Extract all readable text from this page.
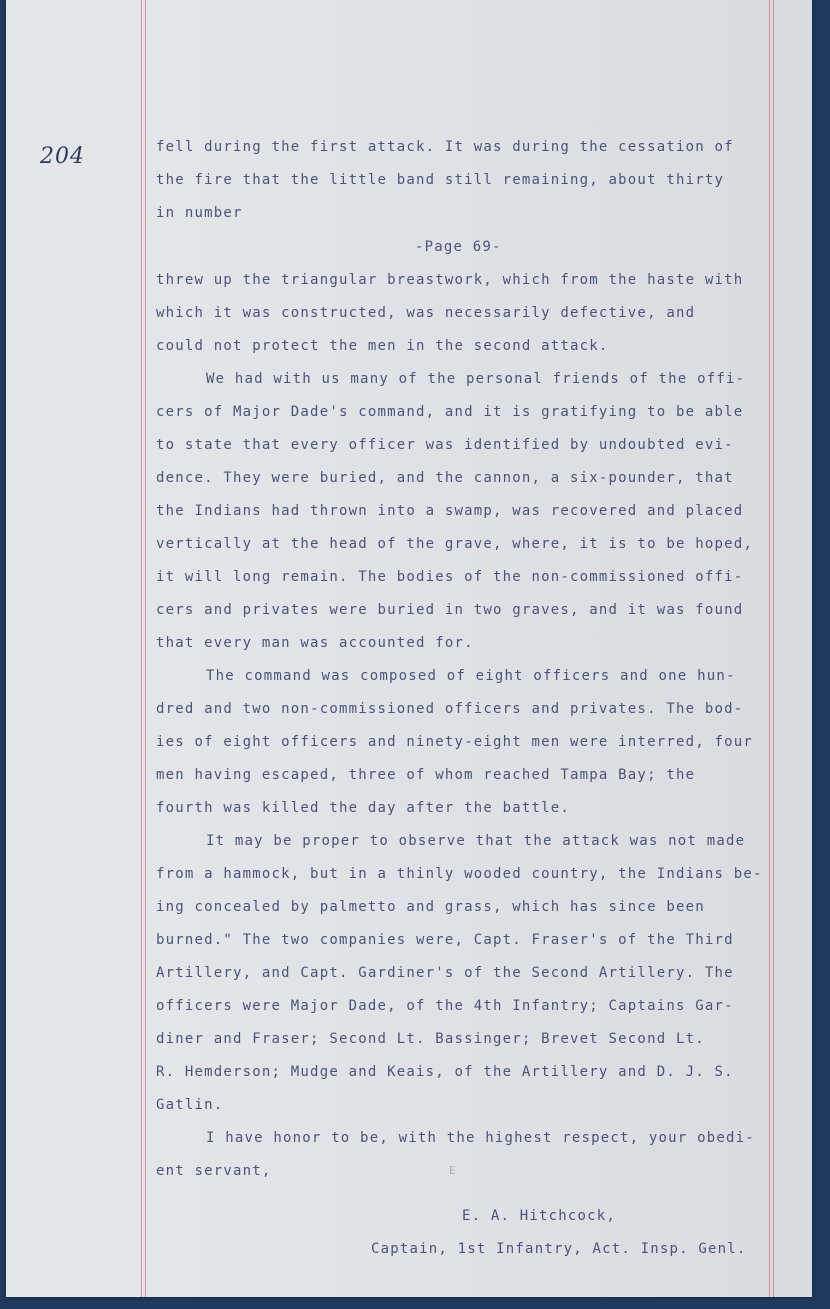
204	fell during the first attack. It was during the cessation of
the fire that the little band still remaining, about thirty
in number
-Page 69-
threw up the triangular breastwork, which from the haste with
which it was constructed, was necessarily defective, and
could not protect the men in the second attack.
We had with us many of the personal friends of the offi-
cers of Major Dade's command, and it is gratifying to be able
to state that every officer was identified by undoubted evi-
dence. They were buried, and the cannon, a six-pounder, that
the Indians had thrown into a swamp, was recovered and placed
vertically at the head of the grave, where, it is to be hoped,
it will long remain. The bodies of the non-commissioned offi-
cers and privates were buried in two graves, and it was found
that every man was accounted for.
The command was composed of eight officers and one hun-
dred and two non-commissioned officers and privates. The bod-
ies of eight officers and ninety-eight men were interred, four
men having escaped, three of whom reached Tampa Bay; the
fourth was killed the day after the battle.
It may be proper to observe that the attack was not made
from a hammock, but in a thinly wooded country, the Indians be-
ing concealed by palmetto and grass, which has since been
burned." The two companies were, Capt. Fraser's of the Third
Artillery, and Capt. Gardiner's of the Second Artillery. The
officers were Major Dade, of the 4th Infantry; Captains Gar-
diner and Fraser; Second Lt. Bassinger; Brevet Second Lt.
R. Hemderson; Mudge and Keais, of the Artillery and D. J. S.
Gatlin.
I have honor to be, with the highest respect, your obedi-
ent servant,	E
E. A. Hitchcock,
Captain, 1st Infantry, Act. Insp. Genl.
